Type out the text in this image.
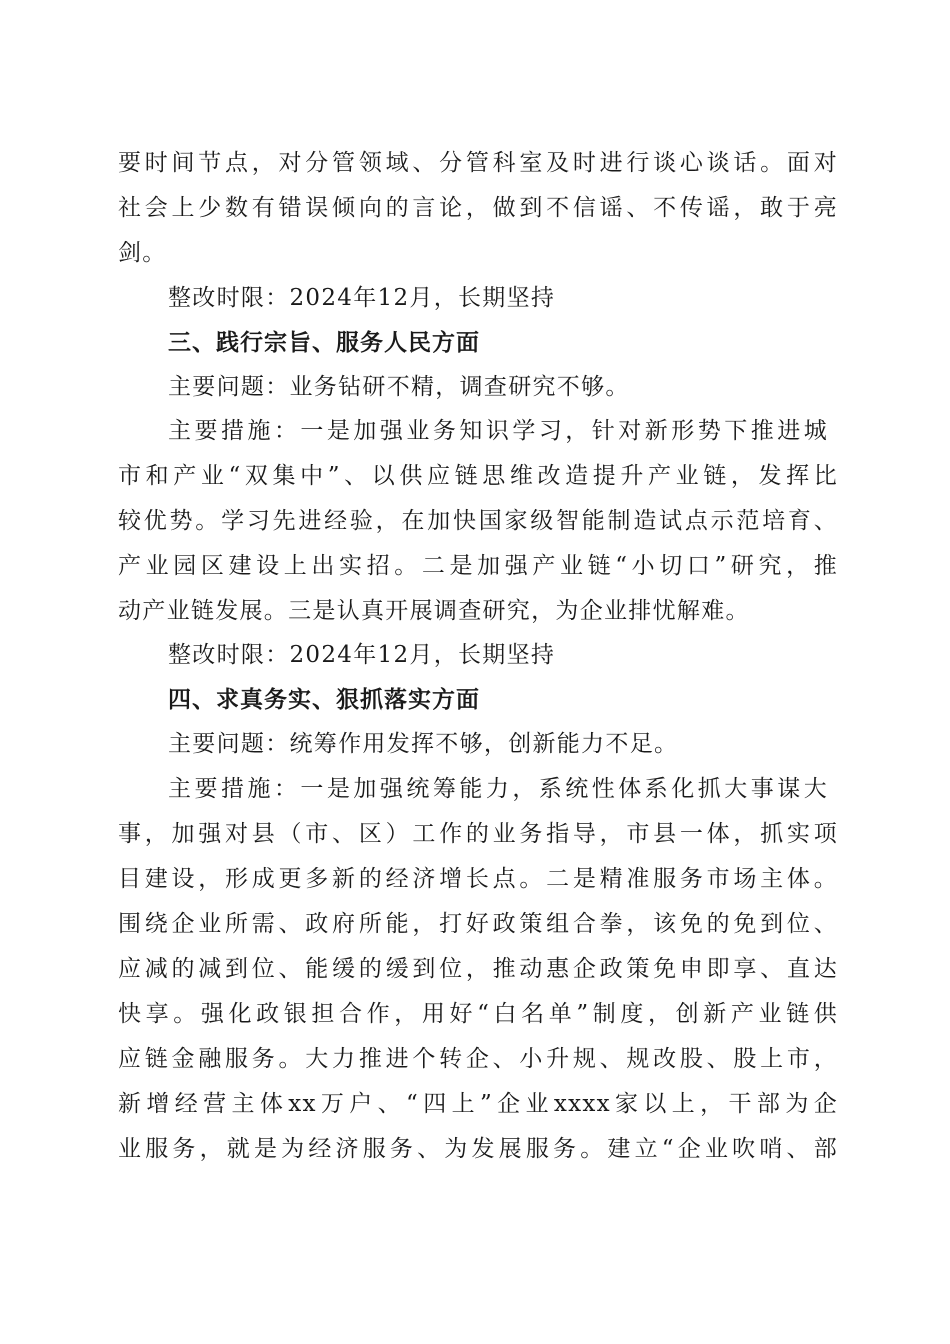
要时间节点，对分管领域、分管科室及时进行谈心谈话。面对
社会上少数有错误倾向的言论，做到不信谣、不传谣，敢于亮
剑。
整改时限：2024年12月，长期坚持
三、践行宗旨、服务人民方面
主要问题：业务钻研不精，调查研究不够。
主要措施：一是加强业务知识学习，针对新形势下推进城
市和产业“双集中”、以供应链思维改造提升产业链，发挥比
较优势。学习先进经验，在加快国家级智能制造试点示范培育、
产业园区建设上出实招。二是加强产业链“小切口”研究，推
动产业链发展。三是认真开展调查研究，为企业排忧解难。
整改时限：2024年12月，长期坚持
四、求真务实、狠抓落实方面
主要问题：统筹作用发挥不够，创新能力不足。
主要措施：一是加强统筹能力，系统性体系化抓大事谋大
事，加强对县（市、区）工作的业务指导，市县一体，抓实项
目建设，形成更多新的经济增长点。二是精准服务市场主体。
围绕企业所需、政府所能，打好政策组合拳，该免的免到位、
应减的减到位、能缓的缓到位，推动惠企政策免申即享、直达
快享。强化政银担合作，用好“白名单”制度，创新产业链供
应链金融服务。大力推进个转企、小升规、规改股、股上市，
新增经营主体xx万户、“四上”企业xxxx家以上，干部为企
业服务，就是为经济服务、为发展服务。建立“企业吹哨、部
